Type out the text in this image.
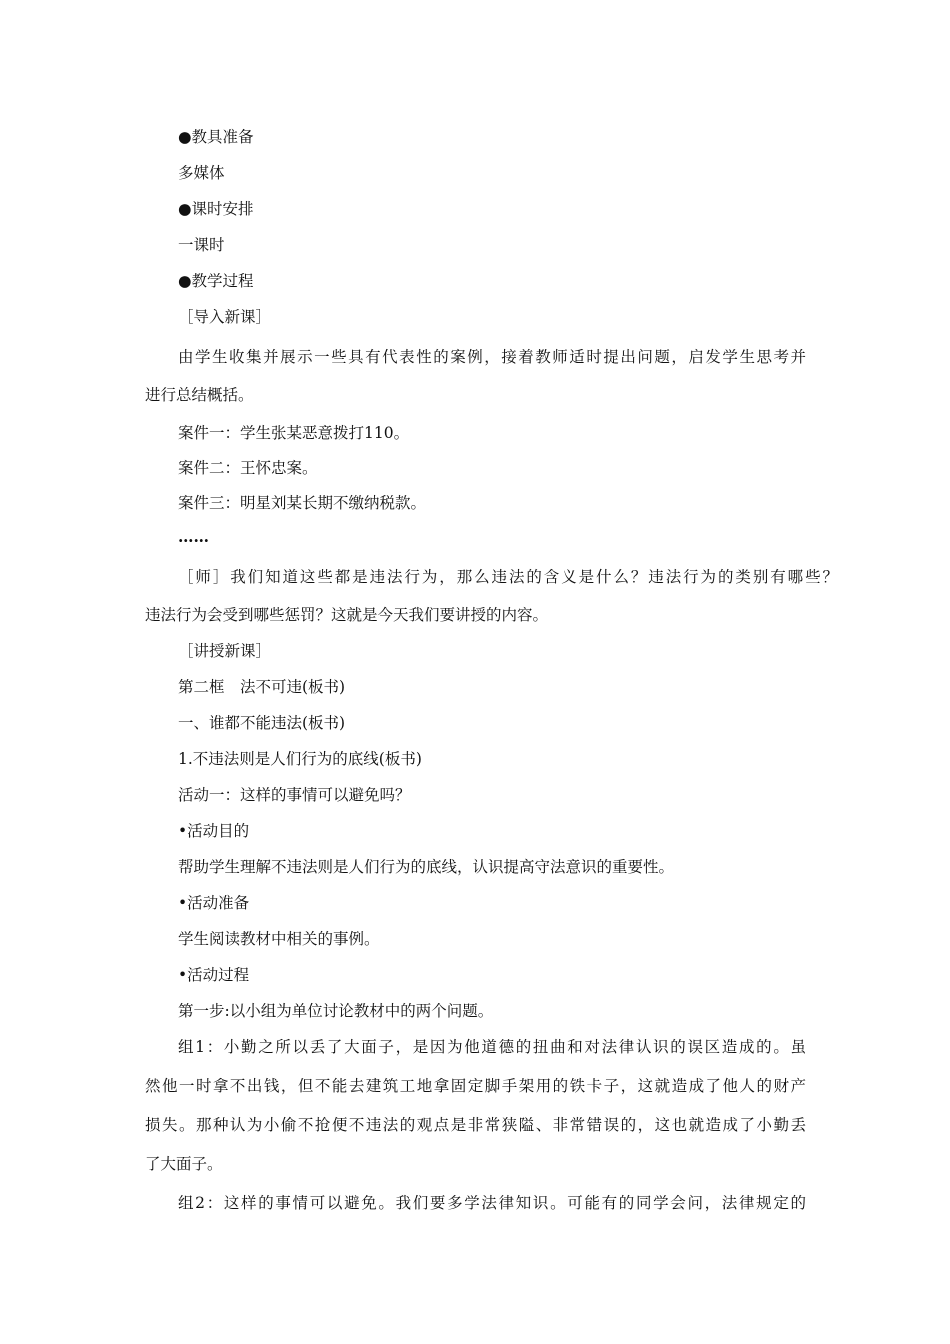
●教具准备
多媒体
●课时安排
一课时
●教学过程
［导入新课］
由学生收集并展示一些具有代表性的案例，接着教师适时提出问题，启发学生思考并
进行总结概括。
案件一：学生张某恶意拨打110。
案件二：王怀忠案。
案件三：明星刘某长期不缴纳税款。
……
［师］我们知道这些都是违法行为，那么违法的含义是什么？违法行为的类别有哪些？
违法行为会受到哪些惩罚？这就是今天我们要讲授的内容。
［讲授新课］
第二框　法不可违(板书)
一、谁都不能违法(板书)
1.不违法则是人们行为的底线(板书)
活动一：这样的事情可以避免吗？
•活动目的
帮助学生理解不违法则是人们行为的底线，认识提高守法意识的重要性。
•活动准备
学生阅读教材中相关的事例。
•活动过程
第一步:以小组为单位讨论教材中的两个问题。
组1：小勤之所以丢了大面子，是因为他道德的扭曲和对法律认识的误区造成的。虽
然他一时拿不出钱，但不能去建筑工地拿固定脚手架用的铁卡子，这就造成了他人的财产
损失。那种认为小偷不抢便不违法的观点是非常狭隘、非常错误的，这也就造成了小勤丢
了大面子。
组2：这样的事情可以避免。我们要多学法律知识。可能有的同学会问，法律规定的
